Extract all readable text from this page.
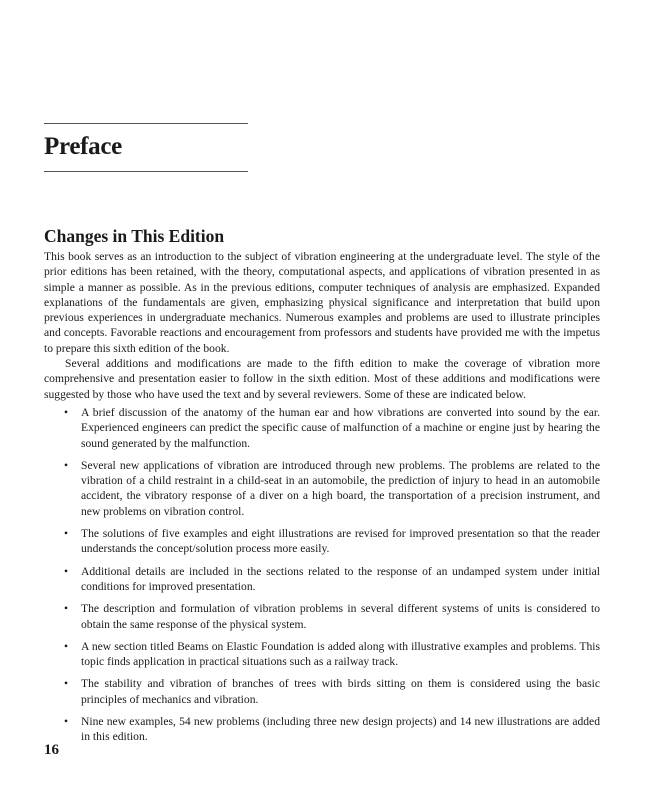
Preface
Changes in This Edition

This book serves as an introduction to the subject of vibration engineering at the undergraduate level. The style of the prior editions has been retained, with the theory, computational aspects, and applications of vibration presented in as simple a manner as possible. As in the previous editions, computer techniques of analysis are emphasized. Expanded explanations of the fundamentals are given, emphasizing physical significance and interpretation that build upon previous experiences in undergraduate mechanics. Numerous examples and problems are used to illustrate principles and concepts. Favorable reactions and encouragement from professors and students have provided me with the impetus to prepare this sixth edition of the book.

Several additions and modifications are made to the fifth edition to make the coverage of vibration more comprehensive and presentation easier to follow in the sixth edition. Most of these additions and modifications were suggested by those who have used the text and by several reviewers. Some of these are indicated below.

• A brief discussion of the anatomy of the human ear and how vibrations are converted into sound by the ear. Experienced engineers can predict the specific cause of malfunction of a machine or engine just by hearing the sound generated by the malfunction.
• Several new applications of vibration are introduced through new problems. The problems are related to the vibration of a child restraint in a child-seat in an automobile, the prediction of injury to head in an automobile accident, the vibratory response of a diver on a high board, the transportation of a precision instrument, and new problems on vibration control.
• The solutions of five examples and eight illustrations are revised for improved presentation so that the reader understands the concept/solution process more easily.
• Additional details are included in the sections related to the response of an undamped system under initial conditions for improved presentation.
• The description and formulation of vibration problems in several different systems of units is considered to obtain the same response of the physical system.
• A new section titled Beams on Elastic Foundation is added along with illustrative examples and problems. This topic finds application in practical situations such as a railway track.
• The stability and vibration of branches of trees with birds sitting on them is considered using the basic principles of mechanics and vibration.
• Nine new examples, 54 new problems (including three new design projects) and 14 new illustrations are added in this edition.
16
